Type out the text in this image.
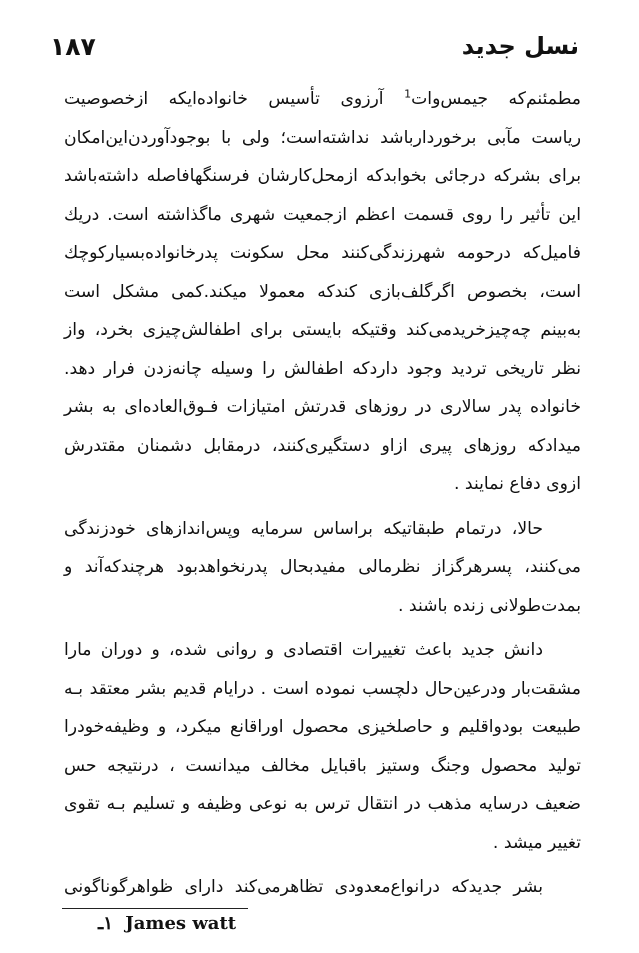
۱۸۷	نسل جدید
مطمئنم‌که جیمس‌وات$^1$ آرزوی تأسیس خانواده‌ایکه ازخصوصیت
ریاست مآبی برخوردارباشد نداشته‌است؛ ولی با بوجودآوردن‌این‌امکان
برای بشرکه درجائی بخوابدکه ازمحل‌کارشان فرسنگهافاصله داشته‌باشد
این تأثیر را روی قسمت اعظم ازجمعیت شهری ماگذاشته است. دریك
فامیل‌که درحومه شهرزندگی‌کنند محل سکونت پدرخانواده‌بسیارکوچك
است، بخصوص اگرگلف‌بازی کندکه معمولا میکند.کمی مشکل است
به‌بینم چه‌چیزخریدمی‌کند وقتیکه بایستی برای اطفالش‌چیزی بخرد، واز
نظر تاریخی تردید وجود داردکه اطفالش را وسیله چانه‌زدن فرار دهد.
خانواده پدر سالاری در روزهای قدرتش امتیازات فـوق‌العاده‌ای به بشر
میدادکه روزهای پیری ازاو دستگیری‌کنند، درمقابل دشمنان مقتدرش
ازوی دفاع نمایند .
حالا، درتمام طبقاتیکه براساس سرمایه وپس‌اندازهای خودزندگی
می‌کنند، پسرهرگزاز نظرمالی مفیدبحال پدرنخواهدبود هرچندکه‌آند و
بمدت‌طولانی زنده باشند .
دانش جدید باعث تغییرات اقتصادی و روانی شده، و دوران مارا
مشقت‌بار ودرعین‌حال دلچسب نموده است . درایام قدیم بشر معتقد بـه
طبیعت بودواقلیم و حاصلخیزی محصول اوراقانع میکرد، و وظیفه‌خودرا
تولید محصول وجنگ وستیز باقبایل مخالف میدانست ، درنتیجه حس
ضعیف درسایه مذهب در انتقال ترس به نوعی وظیفه و تسلیم بـه تقوی
تغییر میشد .
بشر جدیدکه درانواع‌معدودی تظاهرمی‌کند دارای ظواهرگوناگونی
۱ـ James watt
